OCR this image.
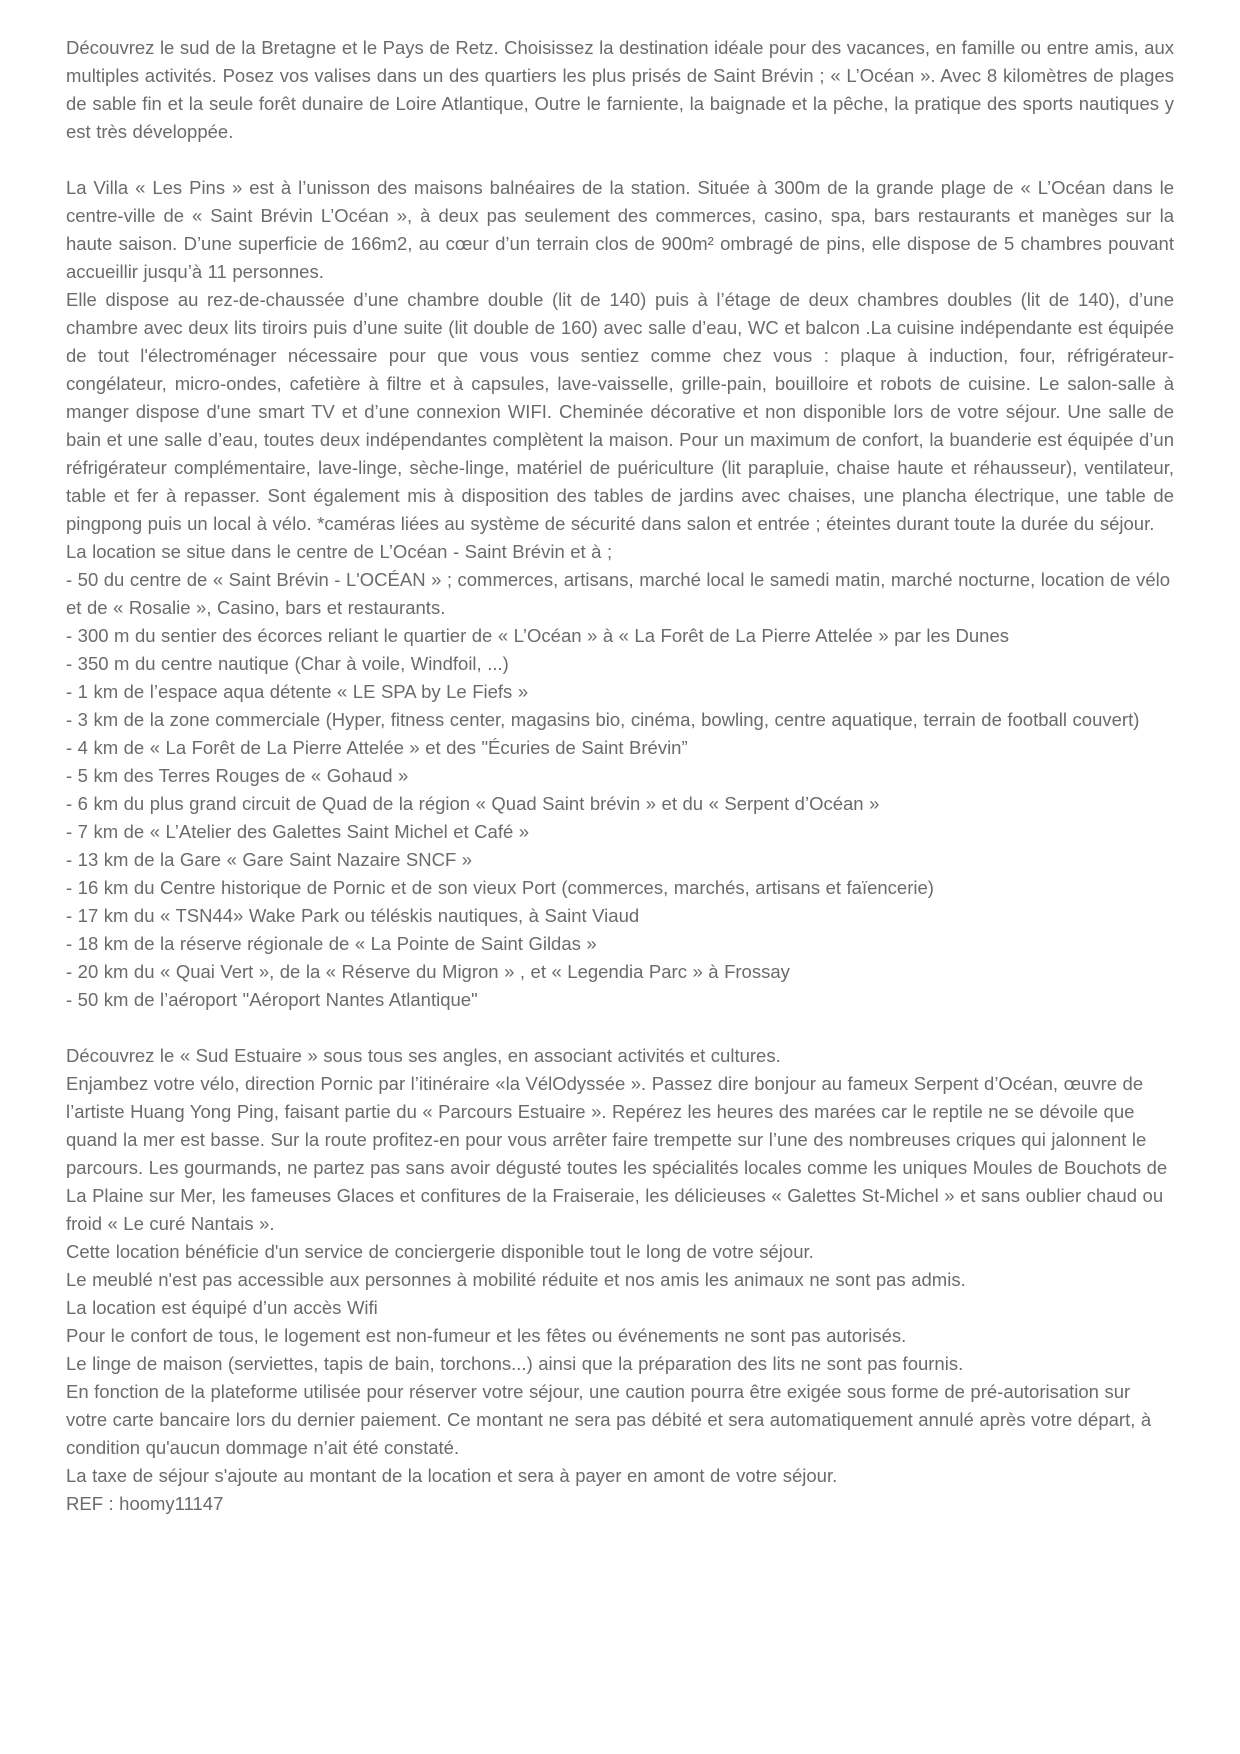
Découvrez le sud de la Bretagne et le Pays de Retz. Choisissez la destination idéale pour des vacances, en famille ou entre amis, aux multiples activités. Posez vos valises dans un des quartiers les plus prisés de Saint Brévin ; « L’Océan ». Avec 8 kilomètres de plages de sable fin et la seule forêt dunaire de Loire Atlantique, Outre le farniente, la baignade et la pêche, la pratique des sports nautiques y est très développée.

La Villa « Les Pins » est à l’unisson des maisons balnéaires de la station. Située à 300m de la grande plage de « L’Océan dans le centre-ville de « Saint Brévin L’Océan », à deux pas seulement des commerces, casino, spa, bars restaurants et manèges sur la haute saison. D’une superficie de 166m2, au cœur d’un terrain clos de 900m² ombragé de pins, elle dispose de 5 chambres pouvant accueillir jusqu’à 11 personnes.

Elle dispose au rez-de-chaussée d’une chambre double (lit de 140) puis à l’étage de deux chambres doubles (lit de 140), d’une chambre avec deux lits tiroirs puis d’une suite (lit double de 160) avec salle d’eau, WC et balcon .La cuisine indépendante est équipée de tout l'électroménager nécessaire pour que vous vous sentiez comme chez vous : plaque à induction, four, réfrigérateur-congélateur, micro-ondes, cafetière à filtre et à capsules, lave-vaisselle, grille-pain, bouilloire et robots de cuisine. Le salon-salle à manger dispose d'une smart TV et d’une connexion WIFI. Cheminée décorative et non disponible lors de votre séjour. Une salle de bain et une salle d’eau, toutes deux indépendantes complètent la maison. Pour un maximum de confort, la buanderie est équipée d’un réfrigérateur complémentaire, lave-linge, sèche-linge, matériel de puériculture (lit parapluie, chaise haute et réhausseur), ventilateur, table et fer à repasser. Sont également mis à disposition des tables de jardins avec chaises, une plancha électrique, une table de pingpong puis un local à vélo. *caméras liées au système de sécurité dans salon et entrée ; éteintes durant toute la durée du séjour.

La location se situe dans le centre de L’Océan - Saint Brévin et à ;

- 50 du centre de « Saint Brévin - L'OCÉAN » ; commerces, artisans, marché local le samedi matin, marché nocturne, location de vélo et de « Rosalie », Casino, bars et restaurants.

- 300 m du sentier des écorces reliant le quartier de « L’Océan » à « La Forêt de La Pierre Attelée » par les Dunes

- 350 m du centre nautique (Char à voile, Windfoil, ...)

- 1 km de l’espace aqua détente « LE SPA by Le Fiefs »

- 3 km de la zone commerciale (Hyper, fitness center, magasins bio, cinéma, bowling, centre aquatique, terrain de football couvert)

- 4 km de « La Forêt de La Pierre Attelée » et des "Écuries de Saint Brévin”

- 5 km des Terres Rouges de « Gohaud »

- 6 km du plus grand circuit de Quad de la région « Quad Saint brévin » et du « Serpent d’Océan »

- 7 km de « L’Atelier des Galettes Saint Michel et Café »

- 13 km de la Gare « Gare Saint Nazaire SNCF »

- 16 km du Centre historique de Pornic et de son vieux Port (commerces, marchés, artisans et faïencerie)

- 17 km du « TSN44» Wake Park ou téléskis nautiques, à Saint Viaud

- 18 km de la réserve régionale de « La Pointe de Saint Gildas »

- 20 km du « Quai Vert », de la « Réserve du Migron » , et « Legendia Parc » à Frossay

- 50 km de l’aéroport "Aéroport Nantes Atlantique"

Découvrez le « Sud Estuaire » sous tous ses angles, en associant activités et cultures.

Enjambez votre vélo, direction Pornic par l’itinéraire «la VélOdyssée ». Passez dire bonjour au fameux Serpent d’Océan, œuvre de l’artiste Huang Yong Ping, faisant partie du « Parcours Estuaire ». Repérez les heures des marées car le reptile ne se dévoile que quand la mer est basse. Sur la route profitez-en pour vous arrêter faire trempette sur l’une des nombreuses criques qui jalonnent le parcours. Les gourmands, ne partez pas sans avoir dégusté toutes les spécialités locales comme les uniques Moules de Bouchots de La Plaine sur Mer, les fameuses Glaces et confitures de la Fraiseraie, les délicieuses « Galettes St-Michel » et sans oublier chaud ou froid « Le curé Nantais ».

Cette location bénéficie d'un service de conciergerie disponible tout le long de votre séjour.

Le meublé n'est pas accessible aux personnes à mobilité réduite et nos amis les animaux ne sont pas admis.

La location est équipé d’un accès Wifi

Pour le confort de tous, le logement est non-fumeur et les fêtes ou événements ne sont pas autorisés.

Le linge de maison (serviettes, tapis de bain, torchons...) ainsi que la préparation des lits ne sont pas fournis.

En fonction de la plateforme utilisée pour réserver votre séjour, une caution pourra être exigée sous forme de pré-autorisation sur votre carte bancaire lors du dernier paiement. Ce montant ne sera pas débité et sera automatiquement annulé après votre départ, à condition qu'aucun dommage n’ait été constaté.

La taxe de séjour s'ajoute au montant de la location et sera à payer en amont de votre séjour.

REF : hoomy11147
